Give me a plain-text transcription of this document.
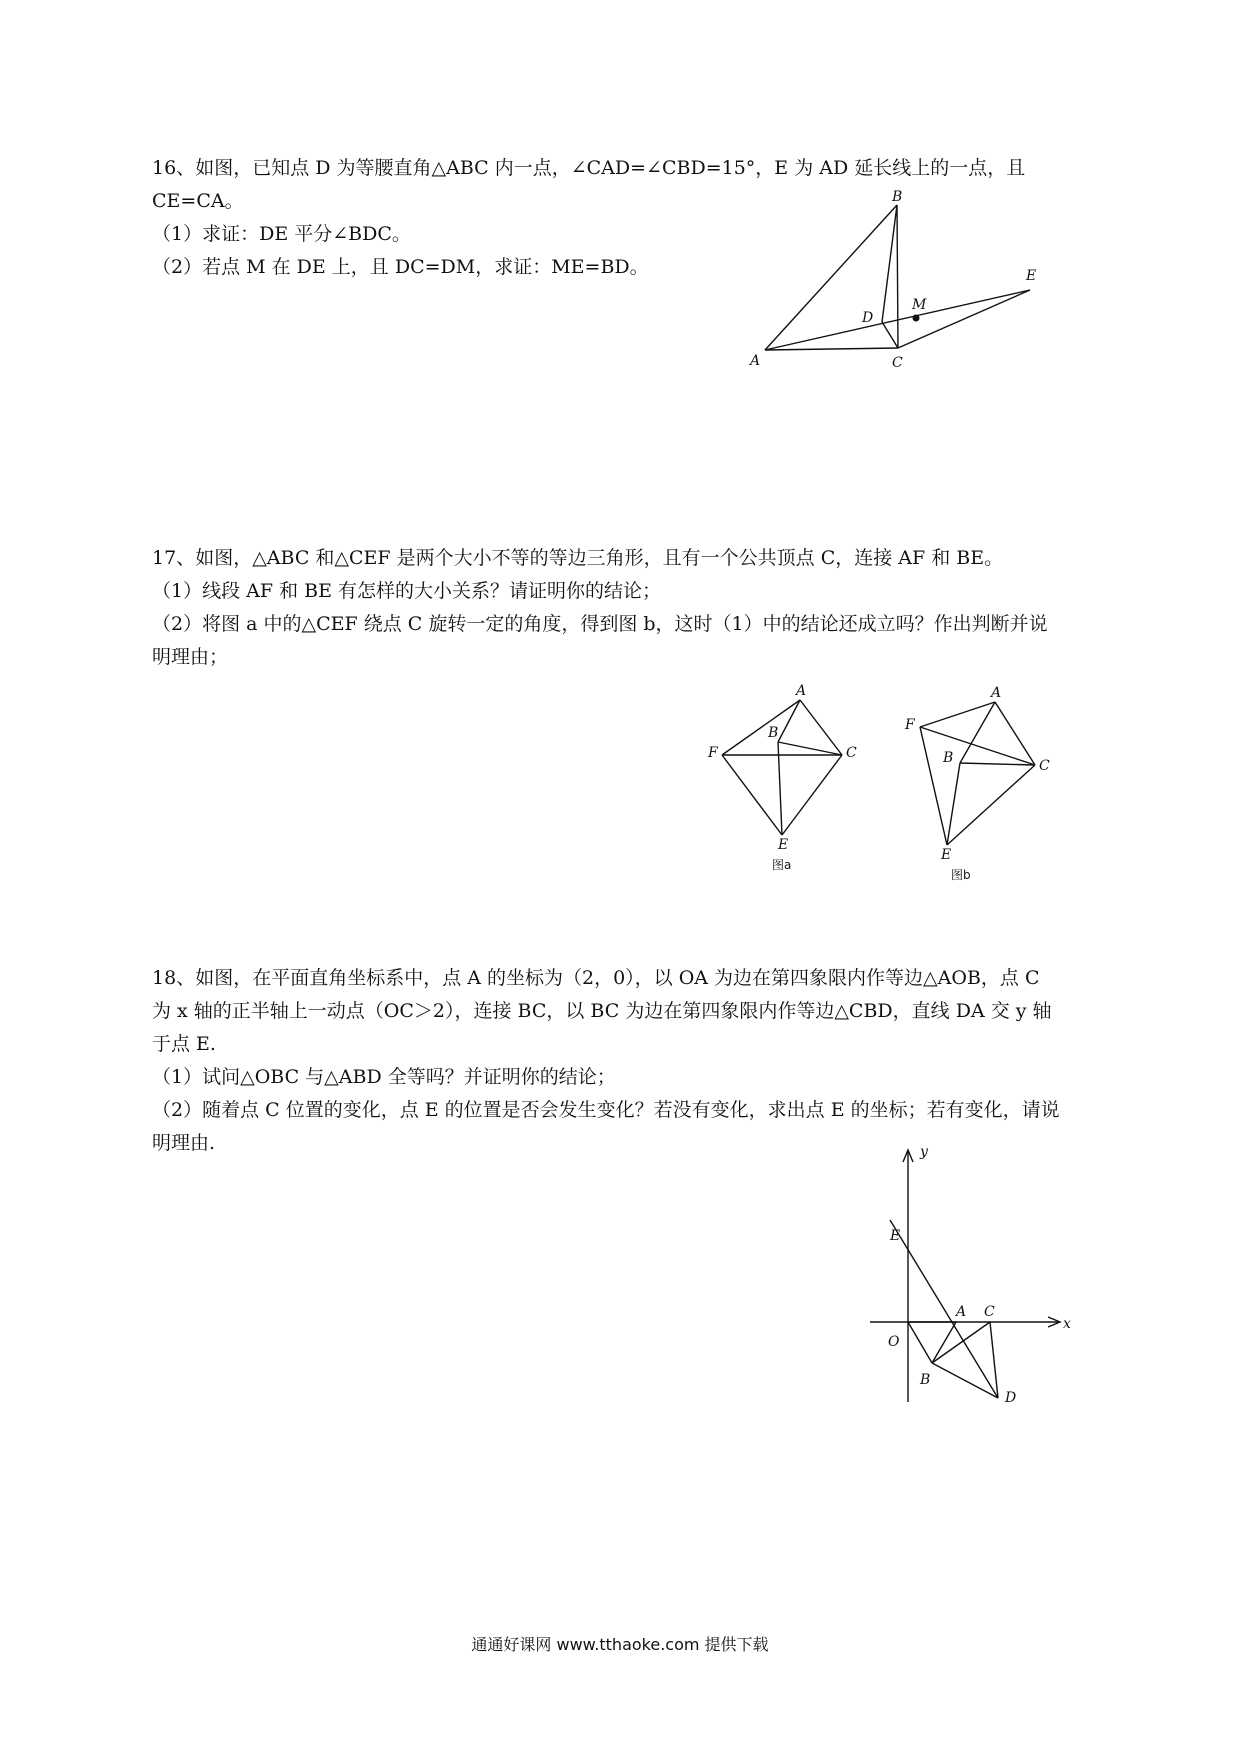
16、如图，已知点 D 为等腰直角△ABC 内一点，∠CAD=∠CBD=15°，E 为 AD 延长线上的一点，且 CE=CA。

（1）求证：DE 平分∠BDC。

（2）若点 M 在 DE 上，且 DC=DM，求证：ME=BD。

A
B
C
D
E
M

17、如图，△ABC 和△CEF 是两个大小不等的等边三角形，且有一个公共顶点 C，连接 AF 和 BE。

（1）线段 AF 和 BE 有怎样的大小关系？请证明你的结论；

（2）将图 a 中的△CEF 绕点 C 旋转一定的角度，得到图 b，这时（1）中的结论还成立吗？作出判断并说明理由；

A
B
C
F
E
图a
A
B	C
F
E
图b

18、如图，在平面直角坐标系中，点 A 的坐标为（2，0），以 OA 为边在第四象限内作等边△AOB，点 C 为 x 轴的正半轴上一动点（OC＞2），连接 BC，以 BC 为边在第四象限内作等边△CBD，直线 DA 交 y 轴于点 E.

（1）试问△OBC 与△ABD 全等吗？并证明你的结论；

（2）随着点 C 位置的变化，点 E 的位置是否会发生变化？若没有变化，求出点 E 的坐标；若有变化，请说明理由.	y
x
O
A C
B
D
E
通通好课网 www.tthaoke.com 提供下载
